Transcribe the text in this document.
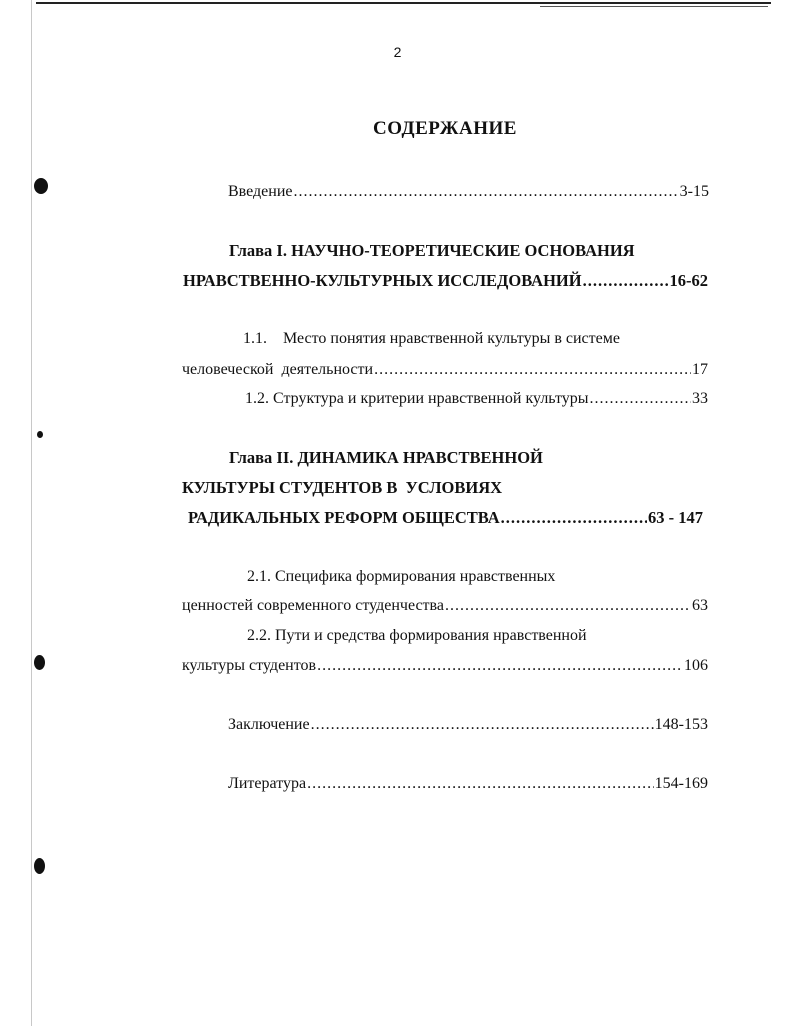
2
СОДЕРЖАНИЕ
Введение .....	3-15
Глава I. НАУЧНО-ТЕОРЕТИЧЕСКИЕ ОСНОВАНИЯ
НРАВСТВЕННО-КУЛЬТУРНЫХ ИССЛЕДОВАНИЙ .....	16-62
1.1.    Место понятия нравственной культуры в системе
человеческой  деятельности .....	17
1.2. Структура и критерии нравственной культуры .....	33
Глава II. ДИНАМИКА НРАВСТВЕННОЙ
КУЛЬТУРЫ СТУДЕНТОВ В  УСЛОВИЯХ
РАДИКАЛЬНЫХ РЕФОРМ ОБЩЕСТВА .....	63 - 147
2.1. Специфика формирования нравственных
ценностей современного студенчества .....	63
2.2. Пути и средства формирования нравственной
культуры студентов .....	106
Заключение .....	148-153
Литература .....	154-169
